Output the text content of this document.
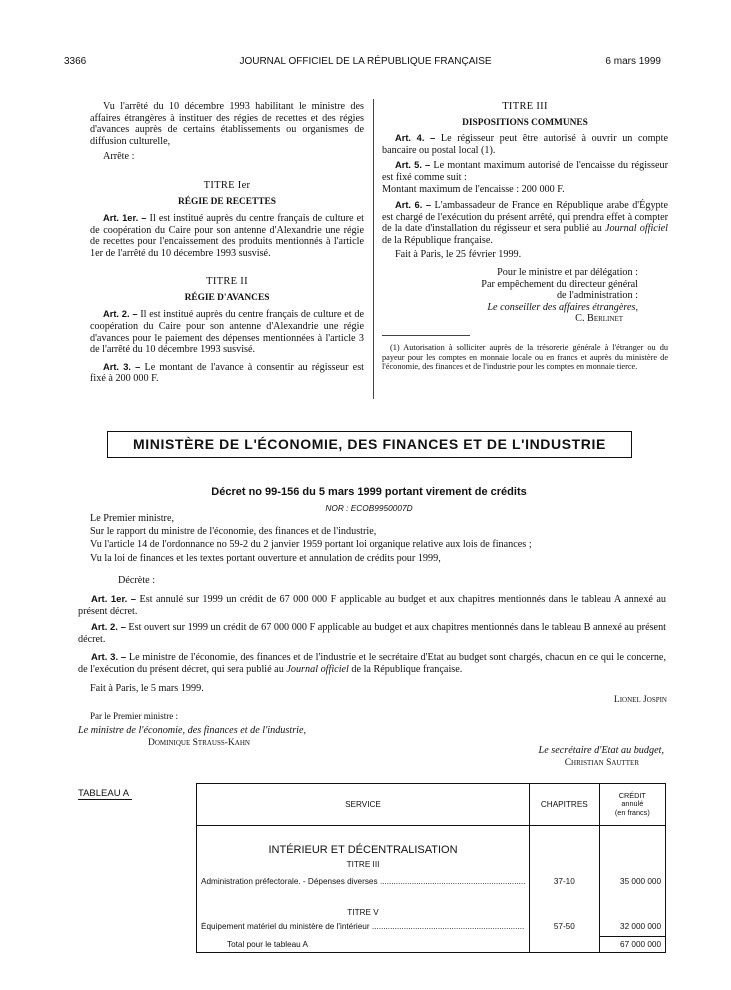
3366	JOURNAL OFFICIEL DE LA RÉPUBLIQUE FRANÇAISE	6 mars 1999

Vu l'arrêté du 10 décembre 1993 habilitant le ministre des affaires étrangères à instituer des régies de recettes et des régies d'avances auprès de certains établissements ou organismes de diffusion culturelle,

Arrête :

TITRE Ier
RÉGIE DE RECETTES

Art. 1er. – Il est institué auprès du centre français de culture et de coopération du Caire pour son antenne d'Alexandrie une régie de recettes pour l'encaissement des produits mentionnés à l'article 1er de l'arrêté du 10 décembre 1993 susvisé.

TITRE II
RÉGIE D'AVANCES

Art. 2. – Il est institué auprès du centre français de culture et de coopération du Caire pour son antenne d'Alexandrie une régie d'avances pour le paiement des dépenses mentionnées à l'article 3 de l'arrêté du 10 décembre 1993 susvisé.

Art. 3. – Le montant de l'avance à consentir au régisseur est fixé à 200 000 F.

TITRE III
DISPOSITIONS COMMUNES

Art. 4. – Le régisseur peut être autorisé à ouvrir un compte bancaire ou postal local (1).

Art. 5. – Le montant maximum autorisé de l'encaisse du régisseur est fixé comme suit :

Montant maximum de l'encaisse : 200 000 F.

Art. 6. – L'ambassadeur de France en République arabe d'Égypte est chargé de l'exécution du présent arrêté, qui prendra effet à compter de la date d'installation du régisseur et sera publié au Journal officiel de la République française.

Fait à Paris, le 25 février 1999.

Pour le ministre et par délégation :
Par empêchement du directeur général
de l'administration :
Le conseiller des affaires étrangères,
C. Berlinet

(1) Autorisation à solliciter auprès de la trésorerie générale à l'étranger ou du payeur pour les comptes en monnaie locale ou en francs et auprès du ministère de l'économie, des finances et de l'industrie pour les comptes en monnaie tierce.

MINISTÈRE DE L'ÉCONOMIE, DES FINANCES ET DE L'INDUSTRIE
Décret no 99-156 du 5 mars 1999 portant virement de crédits
NOR : ECOB9950007D
Le Premier ministre,
Sur le rapport du ministre de l'économie, des finances et de l'industrie,
Vu l'article 14 de l'ordonnance no 59-2 du 2 janvier 1959 portant loi organique relative aux lois de finances ;
Vu la loi de finances et les textes portant ouverture et annulation de crédits pour 1999,
Décrète :

Art. 1er. – Est annulé sur 1999 un crédit de 67 000 000 F applicable au budget et aux chapitres mentionnés dans le tableau A annexé au présent décret.

Art. 2. – Est ouvert sur 1999 un crédit de 67 000 000 F applicable au budget et aux chapitres mentionnés dans le tableau B annexé au présent décret.

Art. 3. – Le ministre de l'économie, des finances et de l'industrie et le secrétaire d'Etat au budget sont chargés, chacun en ce qui le concerne, de l'exécution du présent décret, qui sera publié au Journal officiel de la République française.

Fait à Paris, le 5 mars 1999.
Lionel Jospin
Par le Premier ministre :
Le ministre de l'économie, des finances et de l'industrie,
Dominique Strauss-Kahn
Le secrétaire d'Etat au budget,
Christian Sautter
TABLEAU A
SERVICE	CHAPITRES	CRÉDIT
annulé
(en francs)

INTÉRIEUR ET DÉCENTRALISATION		
TITRE III		

Administration préfectorale. - Dépenses diverses .....	37-10	35 000 000
TITRE V		

Équipement matériel du ministère de l'intérieur .....	57-50	32 000 000
Total pour le tableau A		67 000 000
